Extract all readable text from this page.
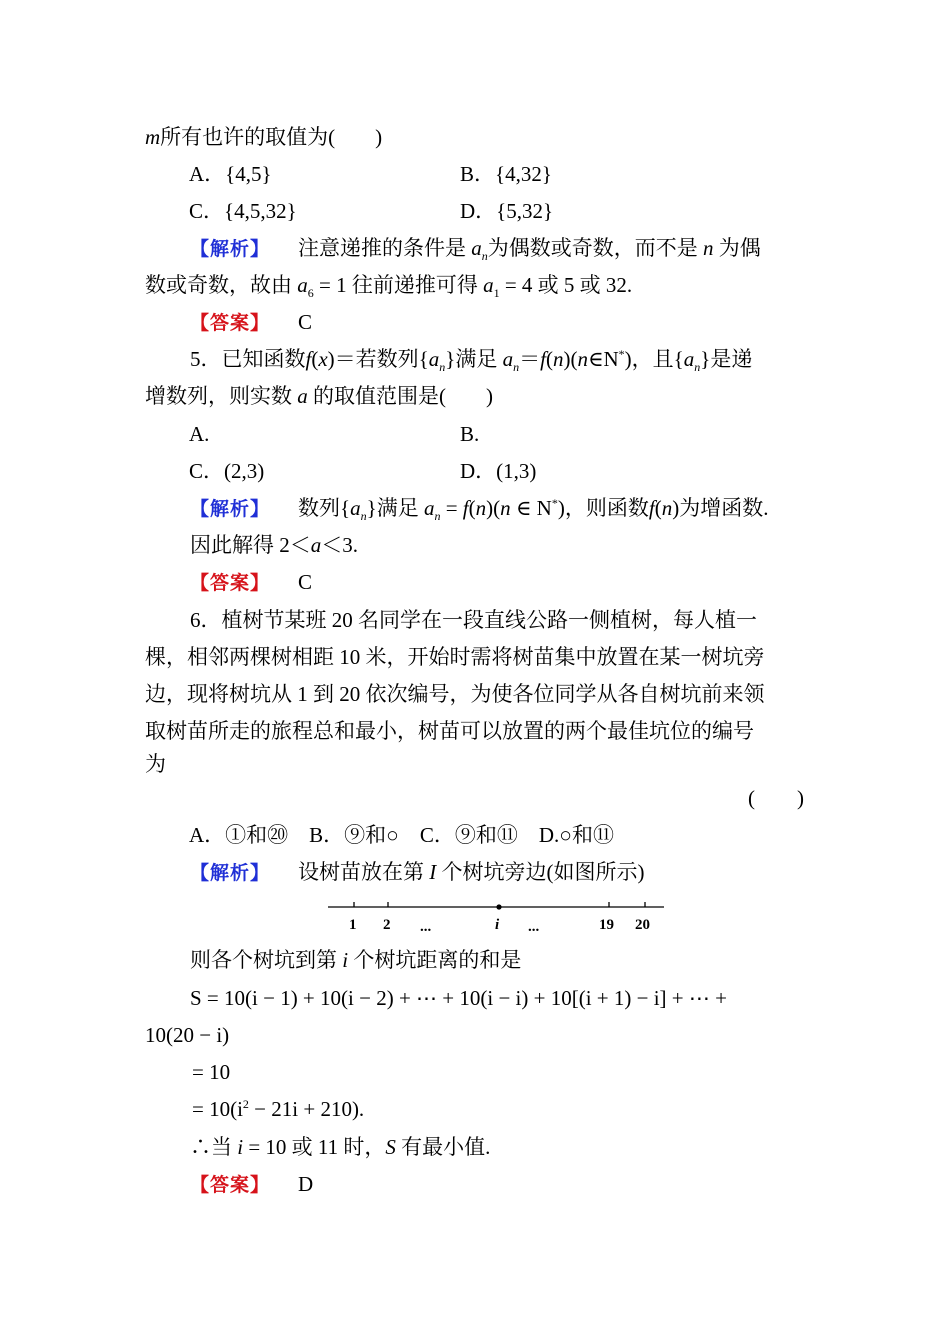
m所有也许的取值为( )
A．{4,5}	B．{4,32}
C．{4,5,32}	D．{5,32}
【解析】 注意递推的条件是 $a_n$为偶数或奇数，而不是 n 为偶
数或奇数，故由 $a_6 = 1$ 往前递推可得 $a_1 = 4$ 或 5 或 32.
【答案】 C
5．已知函数f(x)＝若数列$\{a_n\}$满足 $a_n=f(n)(n\in N^*)$，且$\{a_n\}$是递
增数列，则实数 a 的取值范围是( )
A.	B.
C．(2,3)	D．(1,3)
【解析】 数列$\{a_n\}$满足 $a_n = f(n)(n$ ∈ N*)，则函数f(n)为增函数.
因此解得 2＜a＜3.
【答案】 C
6．植树节某班 20 名同学在一段直线公路一侧植树，每人植一
棵，相邻两棵树相距 10 米，开始时需将树苗集中放置在某一树坑旁
边，现将树坑从 1 到 20 依次编号，为使各位同学从各自树坑前来领
取树苗所走的旅程总和最小，树苗可以放置的两个最佳坑位的编号
为
(　　)
A．①和⑳　B．⑨和○　C．⑨和⑪　D.○和⑪
【解析】 设树苗放在第 I 个树坑旁边(如图所示)
1 2 ...	i ...	19 20
则各个树坑到第 i 个树坑距离的和是
S = 10(i − 1) + 10(i − 2) + ⋯ + 10(i − i) + 10[(i + 1) − i] + ⋯ +
10(20 − i)
= 10
= $10(i^2 - 21i + 210)$.
∴当 i = 10 或 11 时，S 有最小值.
【答案】 D
